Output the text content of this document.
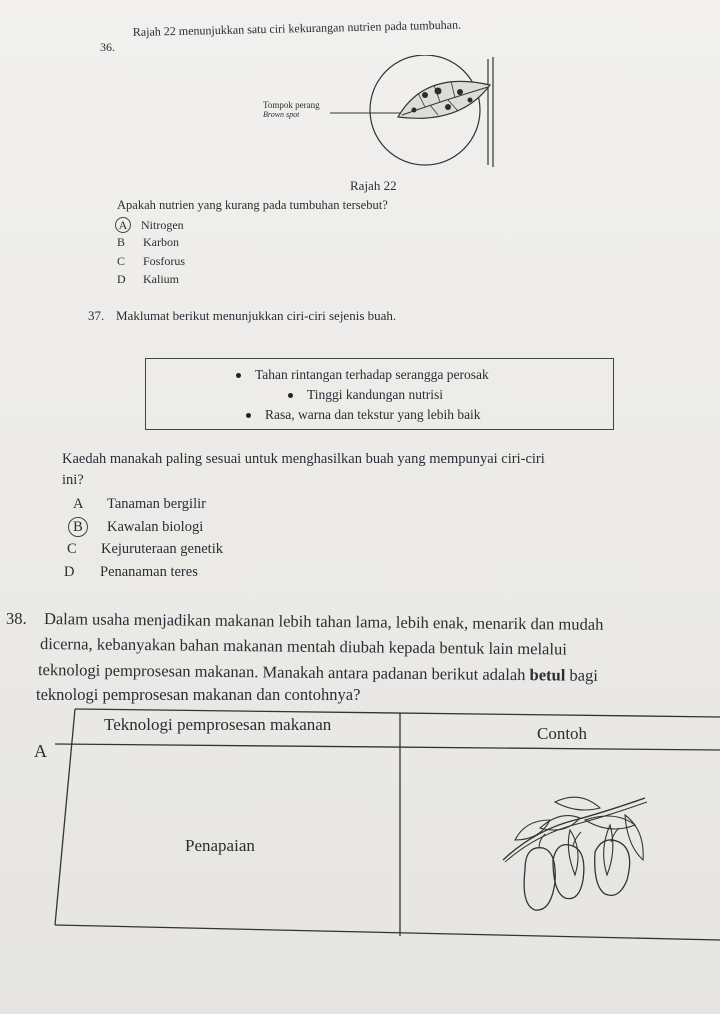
36.
Rajah 22 menunjukkan satu ciri kekurangan nutrien pada tumbuhan.
Tompok perang
Brown spot
Rajah 22
Apakah nutrien yang kurang pada tumbuhan tersebut?
A Nitrogen
B Karbon
C Fosforus
D Kalium
37. Maklumat berikut menunjukkan ciri-ciri sejenis buah.
Tahan rintangan terhadap serangga perosak
Tinggi kandungan nutrisi
Rasa, warna dan tekstur yang lebih baik
Kaedah manakah paling sesuai untuk menghasilkan buah yang mempunyai ciri-ciri
ini?
A Tanaman bergilir
B Kawalan biologi
C Kejuruteraan genetik
D Penanaman teres
38. Dalam usaha menjadikan makanan lebih tahan lama, lebih enak, menarik dan mudah
dicerna, kebanyakan bahan makanan mentah diubah kepada bentuk lain melalui
teknologi pemprosesan makanan. Manakah antara padanan berikut adalah betul bagi
teknologi pemprosesan makanan dan contohnya?
Teknologi pemprosesan makanan	Contoh
A
Penapaian
